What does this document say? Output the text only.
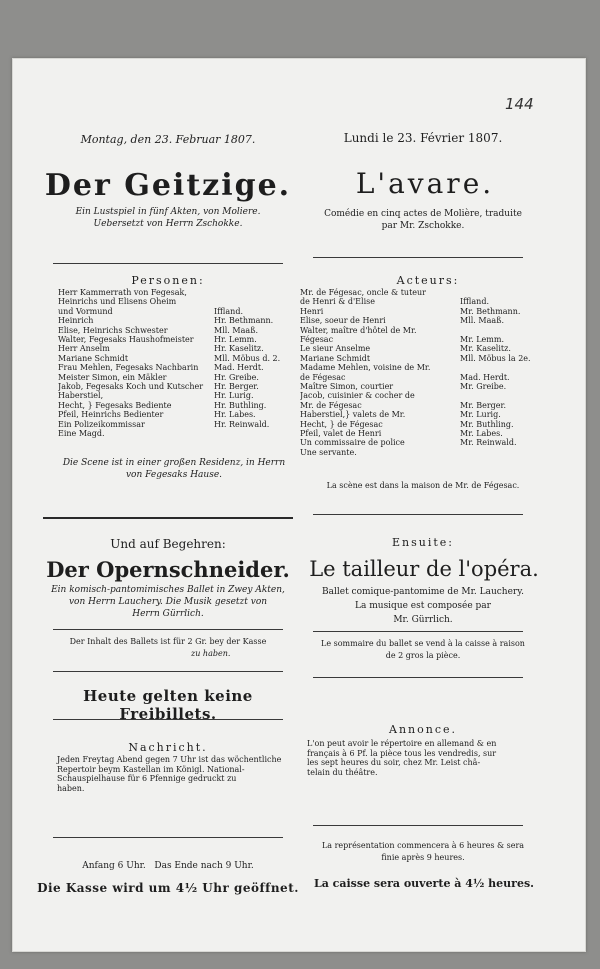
144
Montag, den 23. Februar 1807.
Der Geitzige.
Ein Lustspiel in fünf Akten, von Moliere.
Uebersetzt von Herrn Zschokke.
Personen:
Herr Kammerrath von Fegesak,
Heinrichs und Elisens Oheim
und Vormund	Iffland.
Heinrich	Hr. Bethmann.
Elise, Heinrichs Schwester	Mll. Maaß.
Walter, Fegesaks Haushofmeister	Hr. Lemm.
Herr Anselm	Hr. Kaselitz.
Mariane Schmidt	Mll. Möbus d. 2.
Frau Mehlen, Fegesaks Nachbarin	Mad. Herdt.
Meister Simon, ein Mäkler	Hr. Greibe.
Jakob, Fegesaks Koch und Kutscher	Hr. Berger.
Haberstiel,	Hr. Lurig.
Hecht, } Fegesaks Bediente	Hr. Buthling.
Pfeil, Heinrichs Bedienter	Hr. Labes.
Ein Polizeikommissar	Hr. Reinwald.
Eine Magd.
Die Scene ist in einer großen Residenz, in Herrn
von Fegesaks Hause.
Und auf Begehren:
Der Opernschneider.
Ein komisch-pantomimisches Ballet in Zwey Akten,
von Herrn Lauchery. Die Musik gesetzt von
Herrn Gürrlich.
Der Inhalt des Ballets ist für 2 Gr. bey der Kasse
zu haben.
Heute gelten keine Freibillets.
Nachricht.
Jeden Freytag Abend gegen 7 Uhr ist das wöchentliche
Repertoir beym Kastellan im Königl. National-
Schauspielhause für 6 Pfennige gedruckt zu
haben.
Anfang 6 Uhr.   Das Ende nach 9 Uhr.
Die Kasse wird um 4½ Uhr geöffnet.
Lundi le 23. Février 1807.
L'avare.
Comédie en cinq actes de Molière, traduite
par Mr. Zschokke.
Acteurs:
Mr. de Fégesac, oncle & tuteur
de Henri & d'Elise	Iffland.
Henri	Mr. Bethmann.
Elise, soeur de Henri	Mll. Maaß.
Walter, maître d'hôtel de Mr.
Fégesac	Mr. Lemm.
Le sieur Anselme	Mr. Kaselitz.
Mariane Schmidt	Mll. Möbus la 2e.
Madame Mehlen, voisine de Mr.
de Fégesac	Mad. Herdt.
Maître Simon, courtier	Mr. Greibe.
Jacob, cuisinier & cocher de
Mr. de Fégesac	Mr. Berger.
Haberstiel,} valets de Mr.	Mr. Lurig.
Hecht, } de Fégesac	Mr. Buthling.
Pfeil, valet de Henri	Mr. Labes.
Un commissaire de police	Mr. Reinwald.
Une servante.
La scène est dans la maison de Mr. de Fégesac.
Ensuite:
Le tailleur de l'opéra.
Ballet comique-pantomime de Mr. Lauchery.
La musique est composée par
Mr. Gürrlich.
Le sommaire du ballet se vend à la caisse à raison
de 2 gros la pièce.
Annonce.
L'on peut avoir le répertoire en allemand & en
français à 6 Pf. la pièce tous les vendredis, sur
les sept heures du soir, chez Mr. Leist châ-
telain du théâtre.
La représentation commencera à 6 heures & sera
finie après 9 heures.
La caisse sera ouverte à 4½ heures.
